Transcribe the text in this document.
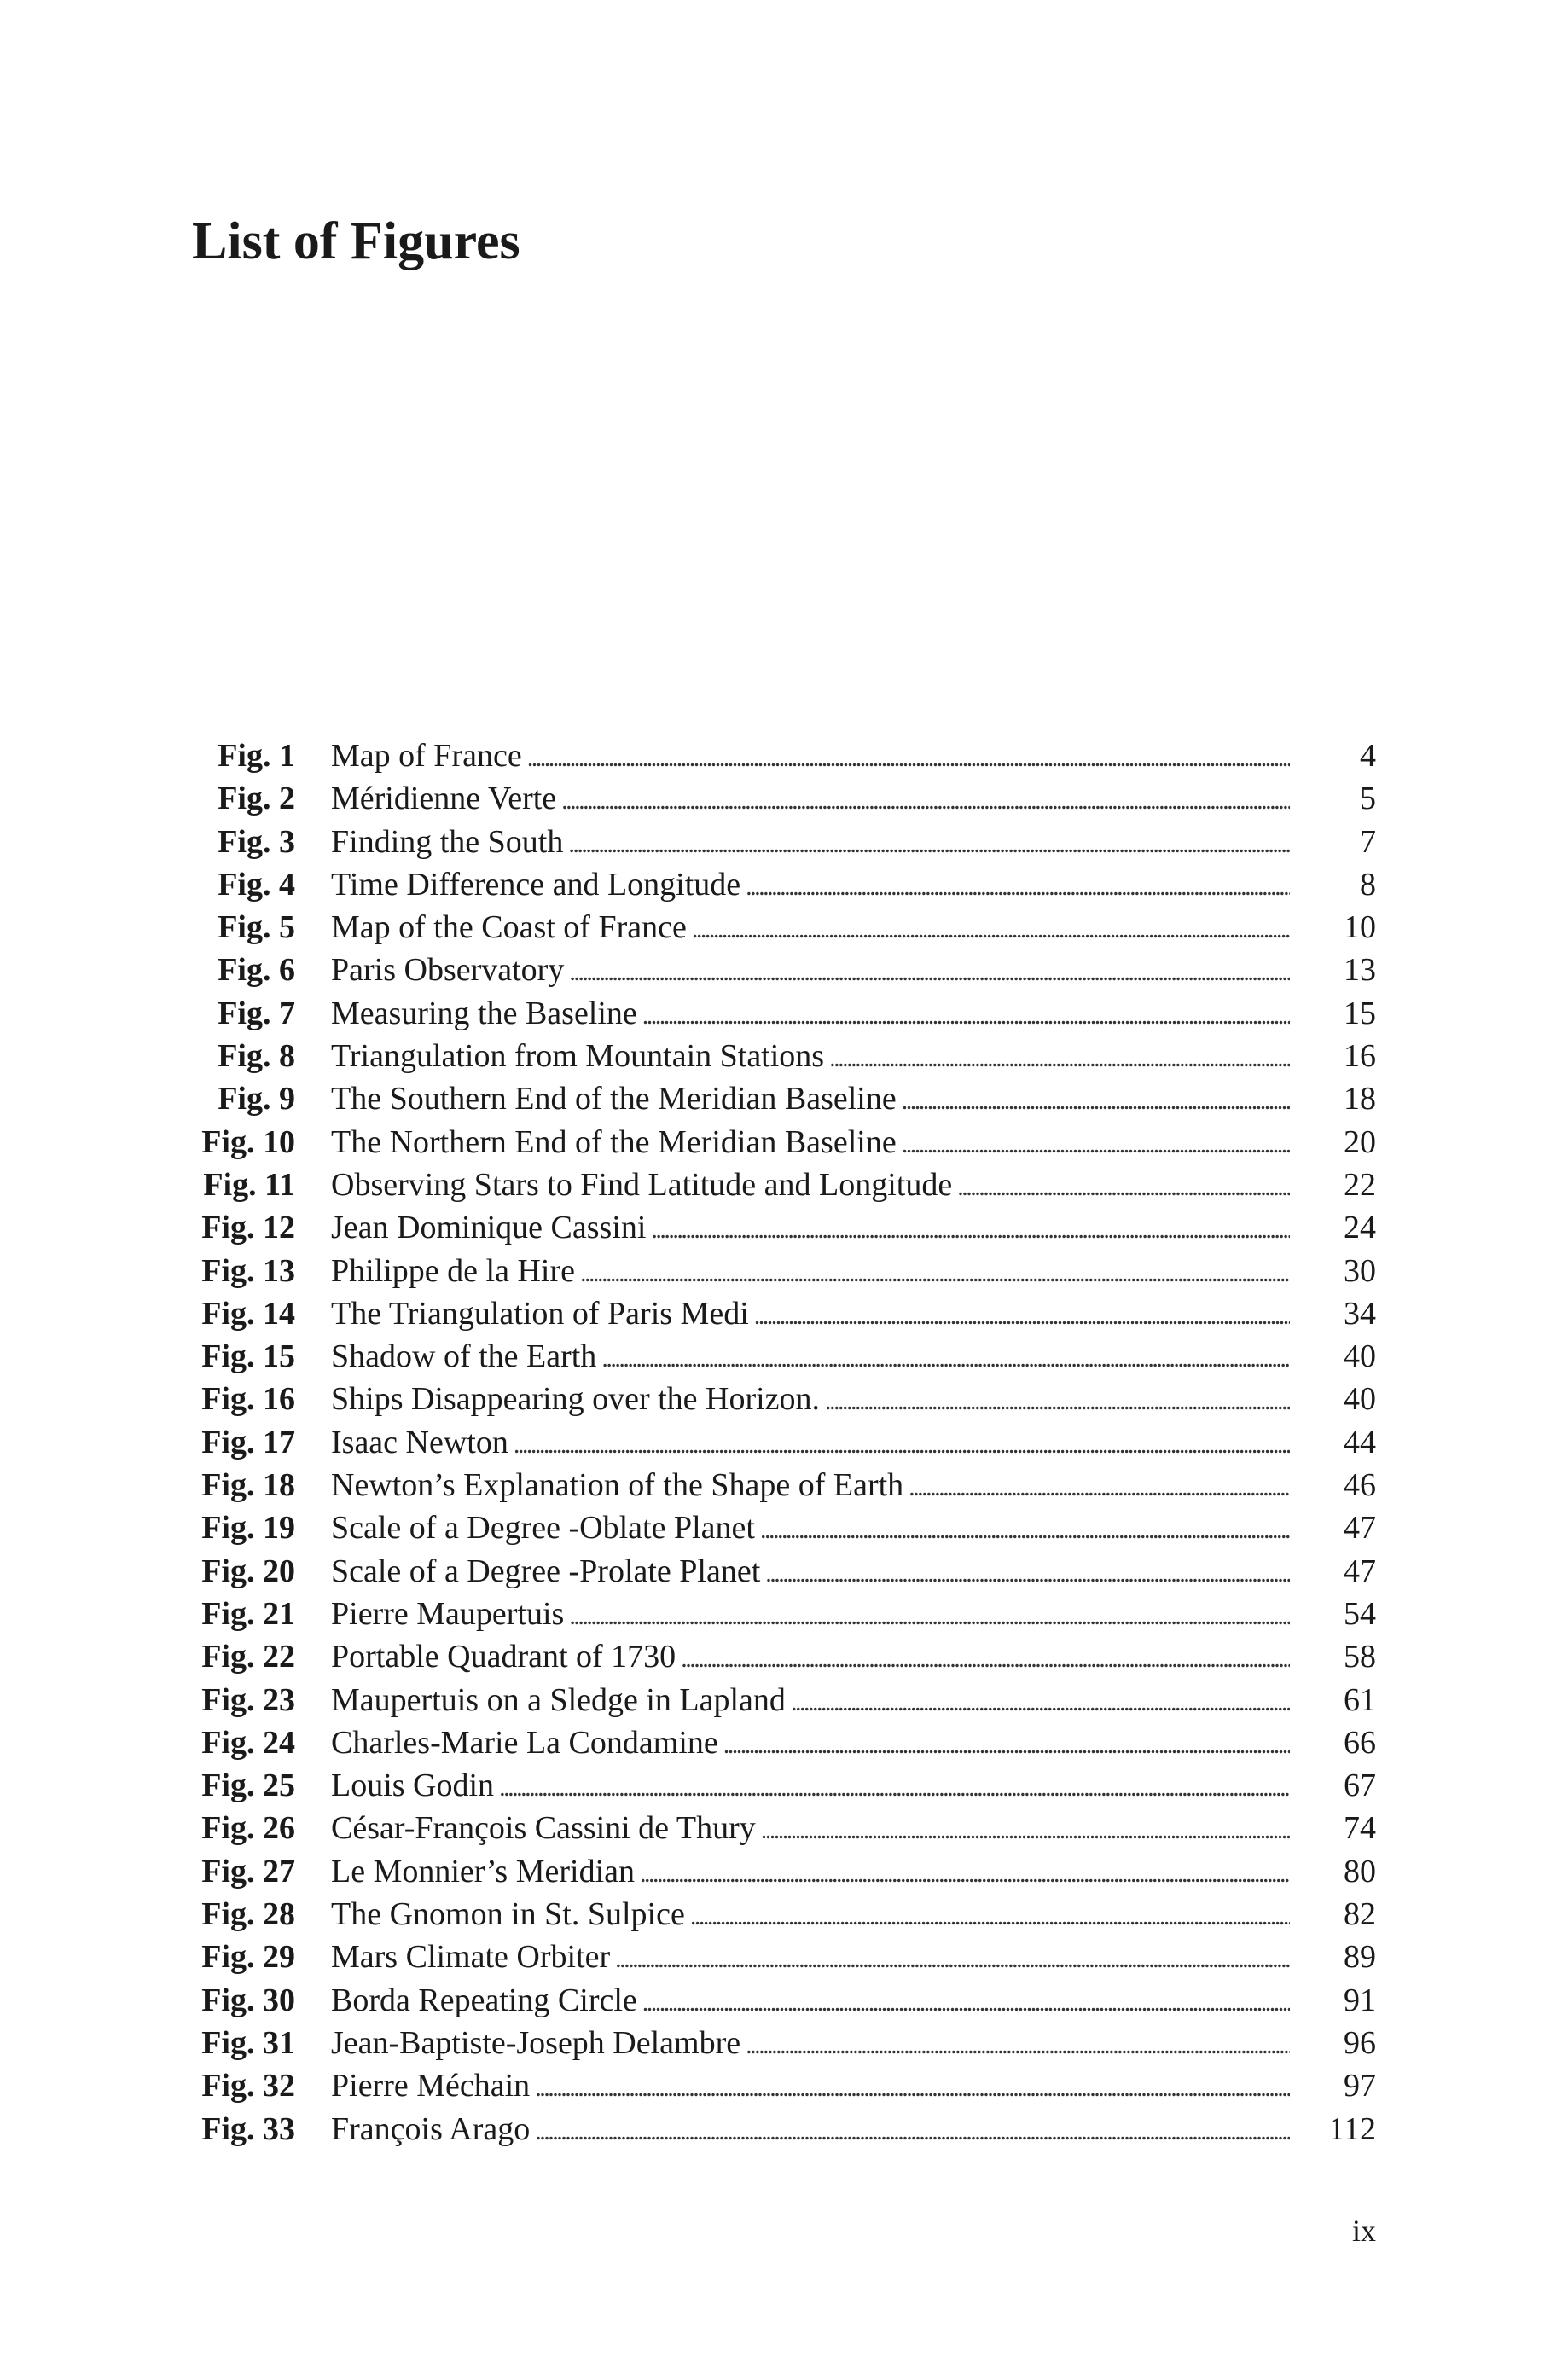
List of Figures
Fig. 1 Map of France . . .	4
Fig. 2 Méridienne Verte . . .	5
Fig. 3 Finding the South . . .	7
Fig. 4 Time Difference and Longitude . . .	8
Fig. 5 Map of the Coast of France . . .	10
Fig. 6 Paris Observatory . . .	13
Fig. 7 Measuring the Baseline . . .	15
Fig. 8 Triangulation from Mountain Stations . . .	16
Fig. 9 The Southern End of the Meridian Baseline . . .	18
Fig. 10 The Northern End of the Meridian Baseline . . .	20
Fig. 11 Observing Stars to Find Latitude and Longitude . . .	22
Fig. 12 Jean Dominique Cassini . . .	24
Fig. 13 Philippe de la Hire . . .	30
Fig. 14 The Triangulation of Paris Medi . . .	34
Fig. 15 Shadow of the Earth . . .	40
Fig. 16 Ships Disappearing over the Horizon. . . .	40
Fig. 17 Isaac Newton . . .	44
Fig. 18 Newton’s Explanation of the Shape of Earth . . .	46
Fig. 19 Scale of a Degree -Oblate Planet . . .	47
Fig. 20 Scale of a Degree -Prolate Planet . . .	47
Fig. 21 Pierre Maupertuis . . .	54
Fig. 22 Portable Quadrant of 1730 . . .	58
Fig. 23 Maupertuis on a Sledge in Lapland . . .	61
Fig. 24 Charles-Marie La Condamine . . .	66
Fig. 25 Louis Godin . . .	67
Fig. 26 César-François Cassini de Thury . . .	74
Fig. 27 Le Monnier’s Meridian . . .	80
Fig. 28 The Gnomon in St. Sulpice . . .	82
Fig. 29 Mars Climate Orbiter . . .	89
Fig. 30 Borda Repeating Circle . . .	91
Fig. 31 Jean-Baptiste-Joseph Delambre . . .	96
Fig. 32 Pierre Méchain . . .	97
Fig. 33 François Arago . . .	112
ix
